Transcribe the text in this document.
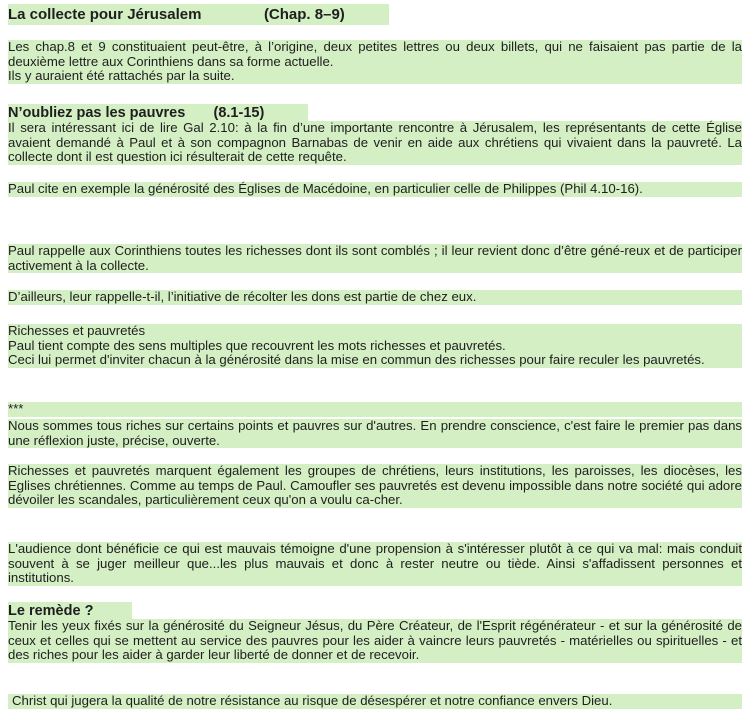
La collecte pour Jérusalem	(Chap. 8–9)
Les chap.8 et 9 constituaient peut-être, à l’origine, deux petites lettres ou deux billets, qui ne faisaient pas partie de la deuxième lettre aux Corinthiens dans sa forme actuelle.
Ils y auraient été rattachés par la suite.
N’oubliez pas les pauvres (8.1-15)
Il sera intéressant ici de lire Gal 2.10: à la fin d’une importante rencontre à Jérusalem, les représentants de cette Église avaient demandé à Paul et à son compagnon Barnabas de venir en aide aux chrétiens qui vivaient dans la pauvreté. La collecte dont il est question ici résulterait de cette requête.
Paul cite en exemple la générosité des Églises de Macédoine, en particulier celle de Philippes (Phil 4.10-16).
Paul rappelle aux Corinthiens toutes les richesses dont ils sont comblés ; il leur revient donc d’être géné-reux et de participer activement à la collecte.
D’ailleurs, leur rappelle-t-il, l’initiative de récolter les dons est partie de chez eux.
Richesses et pauvretés
Paul tient compte des sens multiples que recouvrent les mots richesses et pauvretés.
Ceci lui permet d'inviter chacun à la générosité dans la mise en commun des richesses pour faire reculer les pauvretés.
***
Nous sommes tous riches sur certains points et pauvres sur d'autres. En prendre conscience, c'est faire le premier pas dans une réflexion juste, précise, ouverte.
Richesses et pauvretés marquent également les groupes de chrétiens, leurs institutions, les paroisses, les diocèses, les Eglises chrétiennes. Comme au temps de Paul. Camoufler ses pauvretés est devenu impossible dans notre société qui adore dévoiler les scandales, particulièrement ceux qu'on a voulu ca-cher.
L'audience dont bénéficie ce qui est mauvais témoigne d'une propension à s'intéresser plutôt à ce qui va mal: mais conduit souvent à se juger meilleur que...les plus mauvais et donc à rester neutre ou tiède. Ainsi s'affadissent personnes et institutions.
Le remède ?
Tenir les yeux fixés sur la générosité du Seigneur Jésus, du Père Créateur, de l'Esprit régénérateur - et sur la générosité de ceux et celles qui se mettent au service des pauvres pour les aider à vaincre leurs pauvretés - matérielles ou spirituelles - et des riches pour les aider à garder leur liberté de donner et de recevoir.
Christ qui jugera la qualité de notre résistance au risque de désespérer et notre confiance envers Dieu.
